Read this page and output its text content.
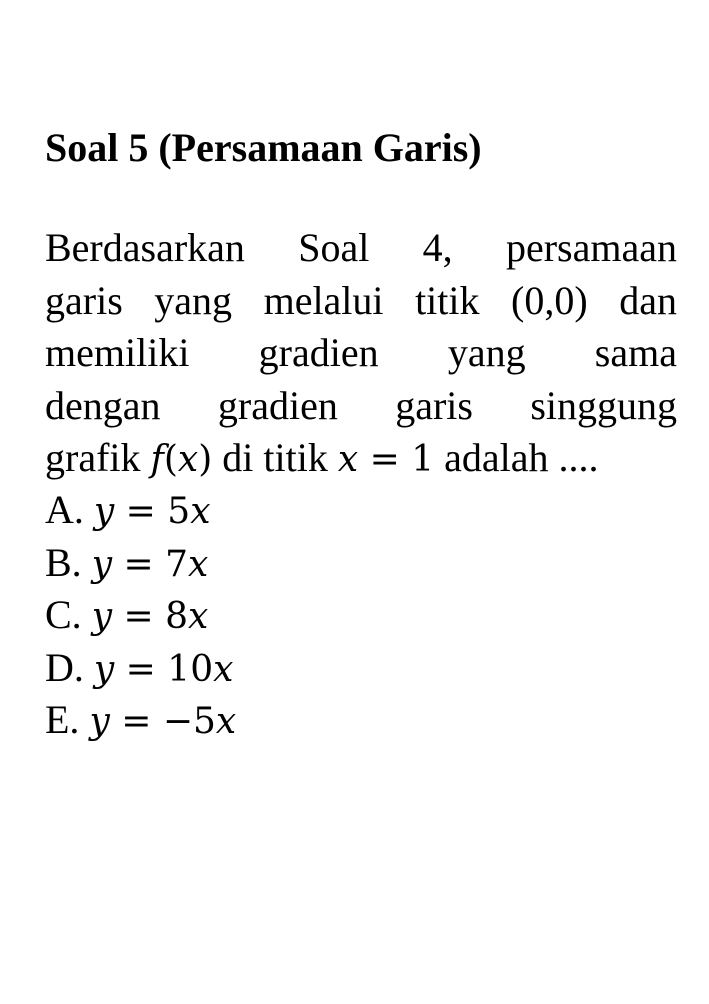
Soal 5 (Persamaan Garis)
Berdasarkan Soal 4, persamaan
garis yang melalui titik (0,0) dan
memiliki gradien yang sama
dengan gradien garis singgung
grafik f(x) di titik x = 1 adalah ....
A. y = 5x
B. y = 7x
C. y = 8x
D. y = 10x
E. y = −5x
